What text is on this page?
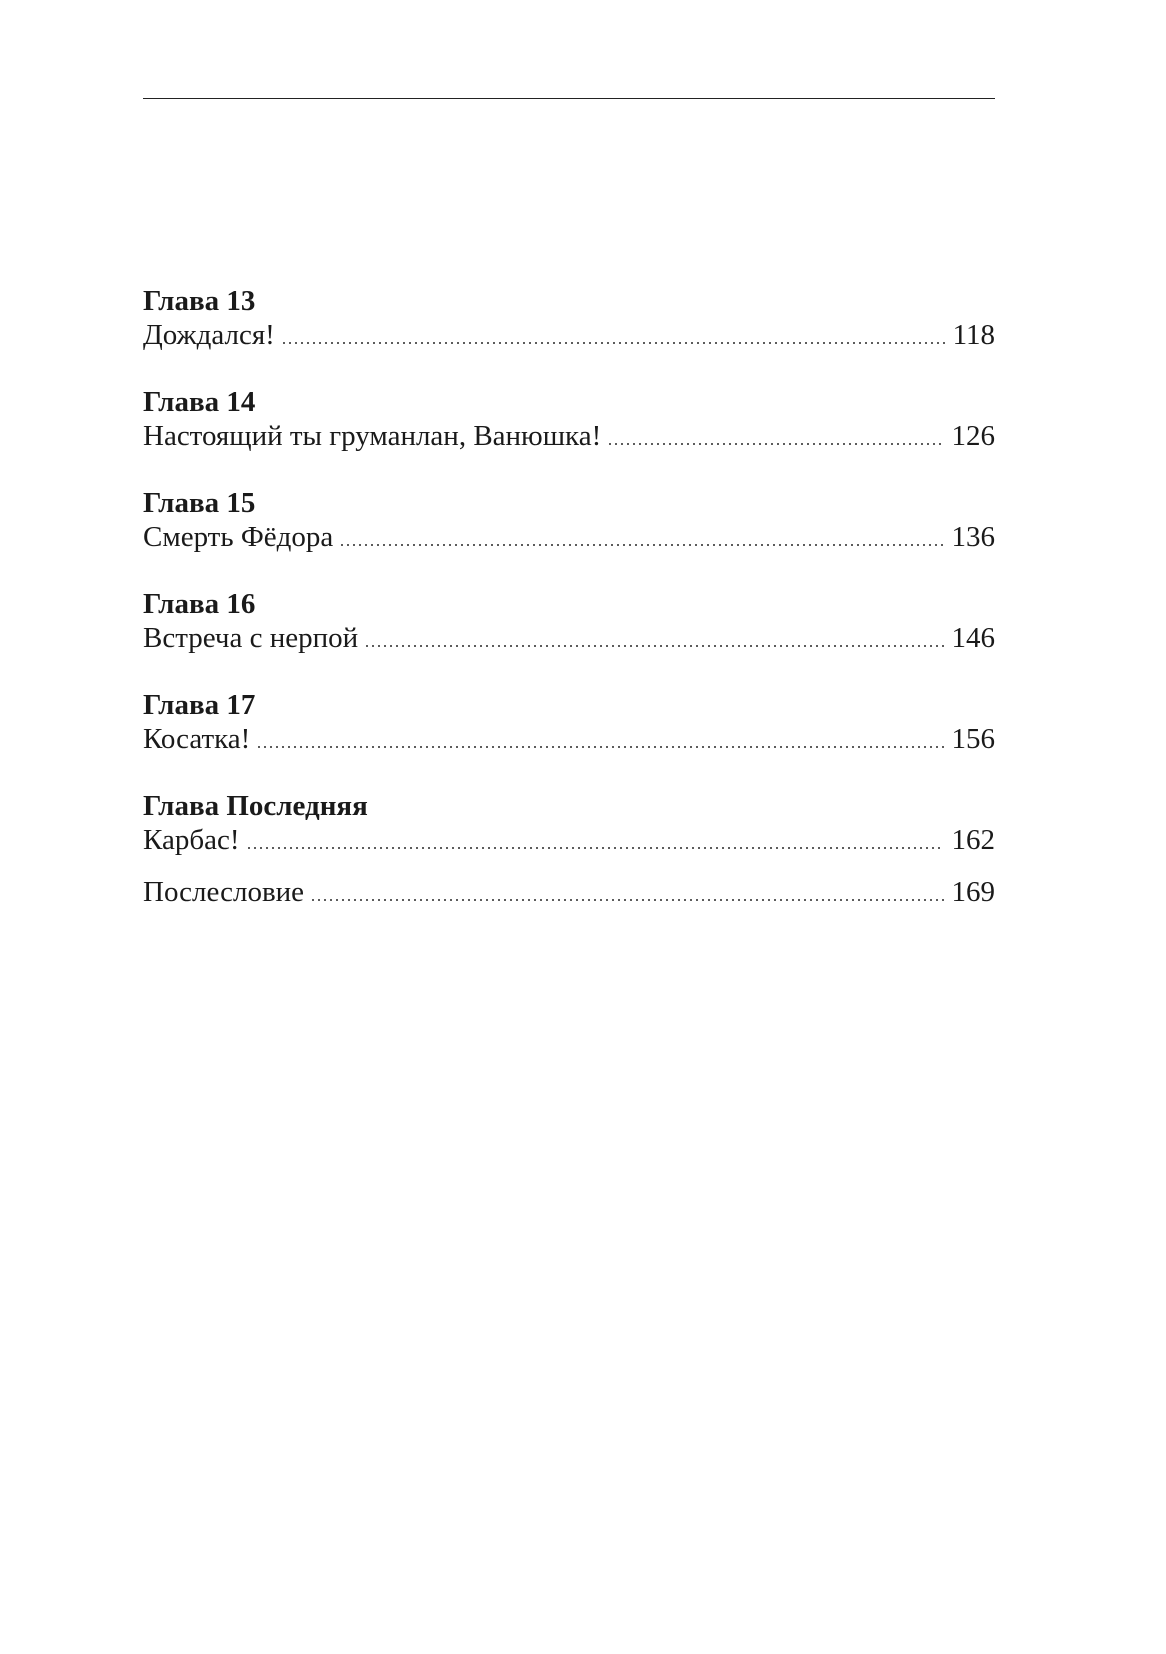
Глава 13
Дождался!	118
Глава 14
Настоящий ты груманлан, Ванюшка!	126
Глава 15
Смерть Фёдора	136
Глава 16
Встреча с нерпой	146
Глава 17
Косатка!	156
Глава Последняя
Карбас!	162
Послесловие	169
